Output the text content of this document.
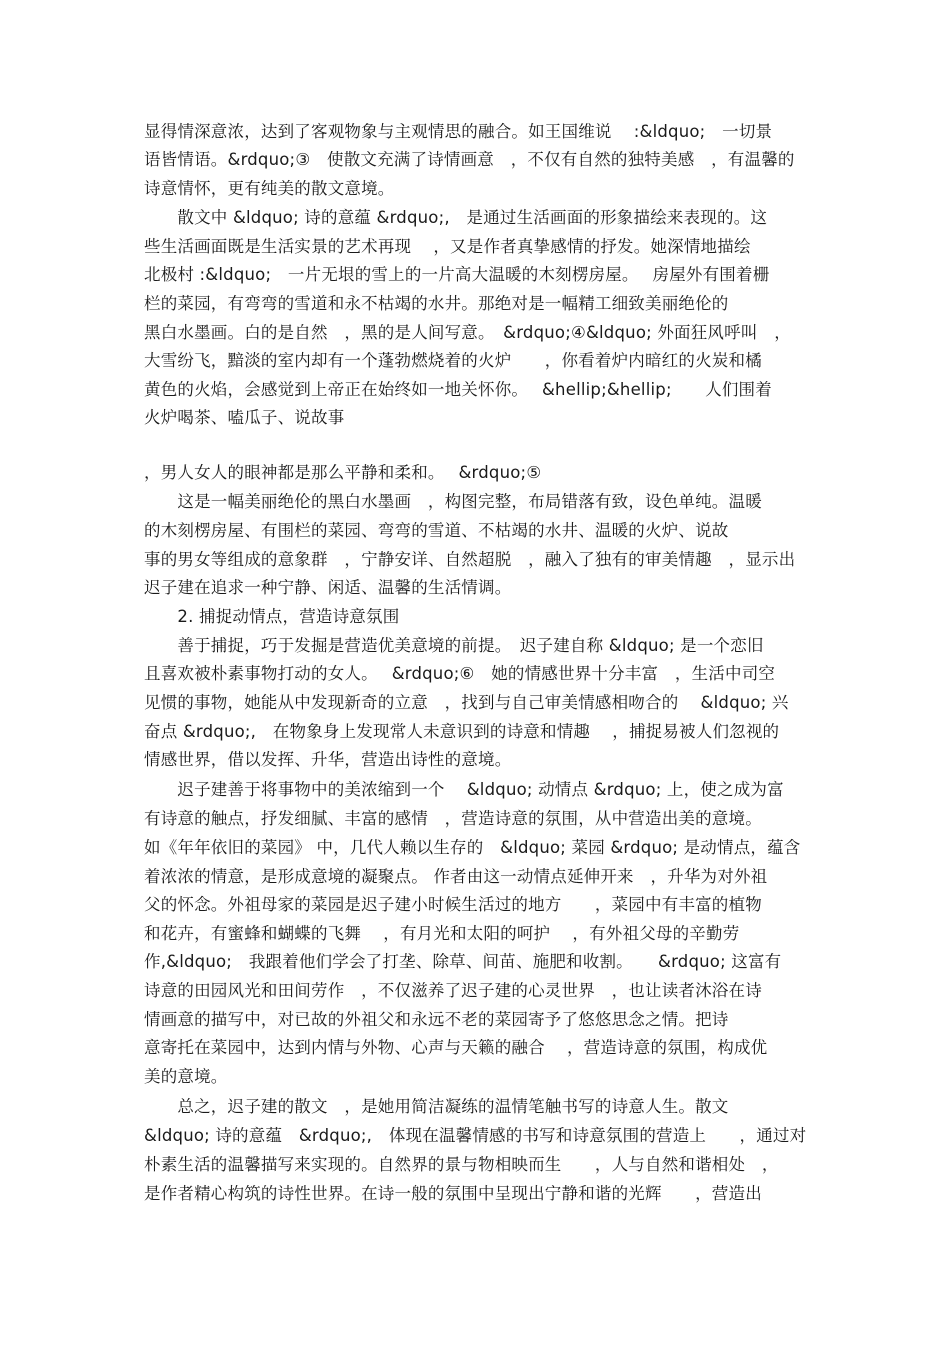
显得情深意浓，达到了客观物象与主观情思的融合。如王国维说　 :&ldquo;　一切景
语皆情语。&rdquo;③　使散文充满了诗情画意　，不仅有自然的独特美感　，有温馨的
诗意情怀，更有纯美的散文意境。
　　散文中 &ldquo; 诗的意蕴 &rdquo;,　是通过生活画面的形象描绘来表现的。这
些生活画面既是生活实景的艺术再现　 ，又是作者真挚感情的抒发。她深情地描绘
北极村 :&ldquo;　一片无垠的雪上的一片高大温暖的木刻楞房屋。　 房屋外有围着栅
栏的菜园，有弯弯的雪道和永不枯竭的水井。那绝对是一幅精工细致美丽绝伦的
黑白水墨画。白的是自然　，黑的是人间写意。　&rdquo;④&ldquo; 外面狂风呼叫　，
大雪纷飞，黯淡的室内却有一个蓬勃燃烧着的火炉　　，你看着炉内暗红的火炭和橘
黄色的火焰，会感觉到上帝正在始终如一地关怀你。　 &hellip;&hellip;　　人们围着
火炉喝茶、嗑瓜子、说故事
，男人女人的眼神都是那么平静和柔和。　 &rdquo;⑤
　　这是一幅美丽绝伦的黑白水墨画　，构图完整，布局错落有致，设色单纯。温暖
的木刻楞房屋、有围栏的菜园、弯弯的雪道、不枯竭的水井、温暖的火炉、说故
事的男女等组成的意象群　，宁静安详、自然超脱　，融入了独有的审美情趣　，显示出
迟子建在追求一种宁静、闲适、温馨的生活情调。
　　2. 捕捉动情点，营造诗意氛围
　　善于捕捉，巧于发掘是营造优美意境的前提。　迟子建自称 &ldquo; 是一个恋旧
且喜欢被朴素事物打动的女人。　 &rdquo;⑥　她的情感世界十分丰富　，生活中司空
见惯的事物，她能从中发现新奇的立意　，找到与自己审美情感相吻合的　 &ldquo; 兴
奋点 &rdquo;,　在物象身上发现常人未意识到的诗意和情趣　 ，捕捉易被人们忽视的
情感世界，借以发挥、升华，营造出诗性的意境。
　　迟子建善于将事物中的美浓缩到一个　 &ldquo; 动情点 &rdquo; 上，使之成为富
有诗意的触点，抒发细腻、丰富的感情　，营造诗意的氛围，从中营造出美的意境。
如《年年依旧的菜园》 中，几代人赖以生存的　&ldquo; 菜园 &rdquo; 是动情点，蕴含
着浓浓的情意，是形成意境的凝聚点。 作者由这一动情点延伸开来　，升华为对外祖
父的怀念。外祖母家的菜园是迟子建小时候生活过的地方　　，菜园中有丰富的植物
和花卉，有蜜蜂和蝴蝶的飞舞　 ，有月光和太阳的呵护　 ，有外祖父母的辛勤劳
作,&ldquo;　我跟着他们学会了打垄、除草、间苗、施肥和收割。　　&rdquo; 这富有
诗意的田园风光和田间劳作　，不仅滋养了迟子建的心灵世界　，也让读者沐浴在诗
情画意的描写中，对已故的外祖父和永远不老的菜园寄予了悠悠思念之情。把诗
意寄托在菜园中，达到内情与外物、心声与天籁的融合　 ，营造诗意的氛围，构成优
美的意境。
　　总之，迟子建的散文　，是她用简洁凝练的温情笔触书写的诗意人生。散文
&ldquo; 诗的意蕴　&rdquo;,　体现在温馨情感的书写和诗意氛围的营造上　　，通过对
朴素生活的温馨描写来实现的。自然界的景与物相映而生　　，人与自然和谐相处　，
是作者精心构筑的诗性世界。在诗一般的氛围中呈现出宁静和谐的光辉　　，营造出
